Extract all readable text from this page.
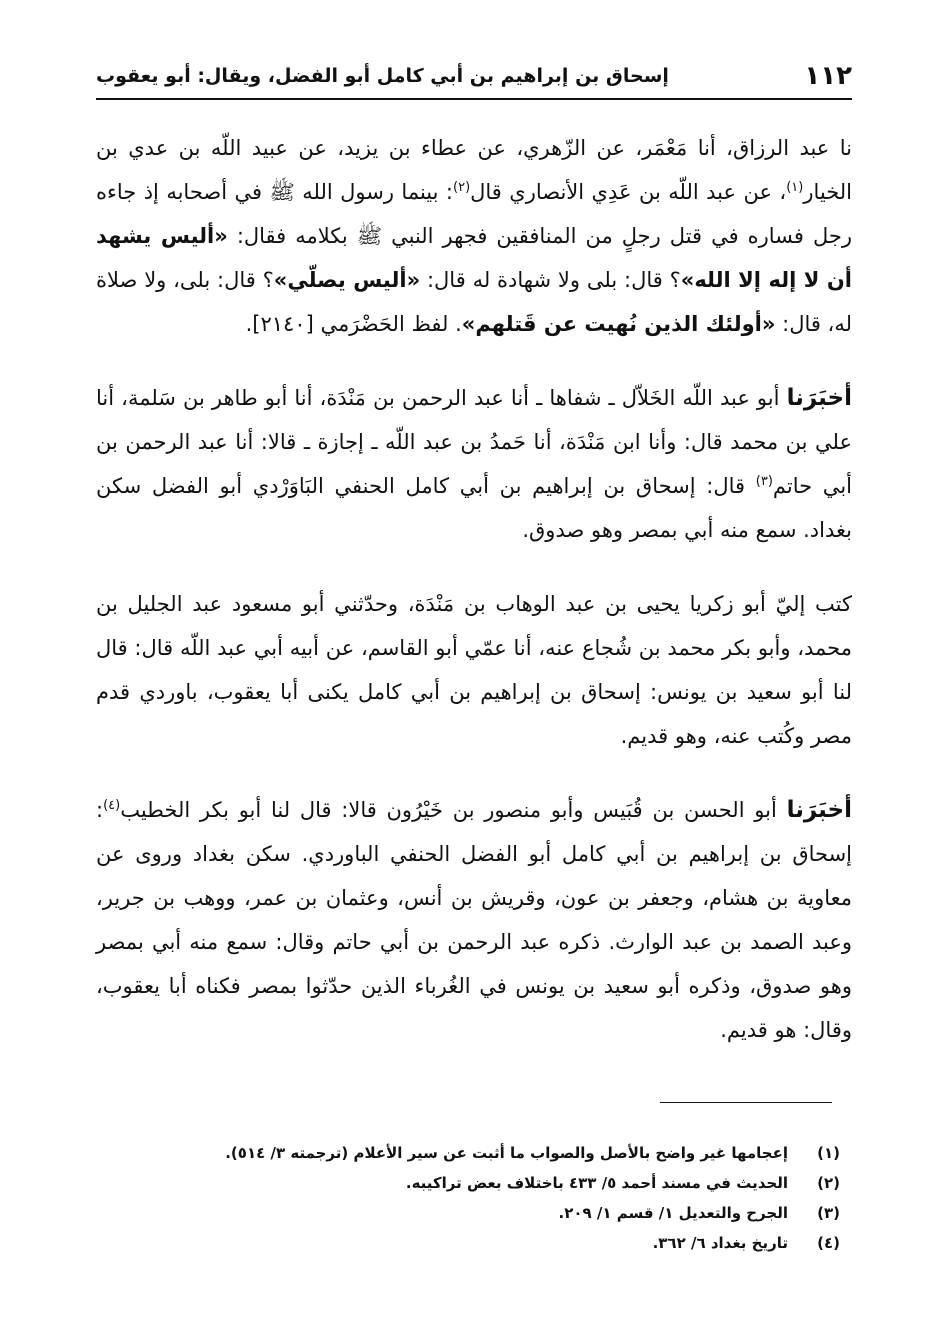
١١٢
إسحاق بن إبراهيم بن أبي كامل أبو الفضل، ويقال: أبو يعقوب
نا عبد الرزاق، أنا مَعْمَر، عن الزّهري، عن عطاء بن يزيد، عن عبيد اللّه بن عدي بن الخيار$^{(١)}$، عن عبد اللّه بن عَدِي الأنصاري قال$^{(٢)}$: بينما رسول الله ﷺ في أصحابه إذ جاءه رجل فساره في قتل رجلٍ من المنافقين فجهر النبي ﷺ بكلامه فقال: «أليس يشهد أن لا إله إلا الله»؟ قال: بلى ولا شهادة له قال: «أليس يصلّي»؟ قال: بلى، ولا صلاة له، قال: «أولئك الذين نُهيت عن قَتلهم». لفظ الحَضْرَمي [٢١٤٠].
أخبَرَنا أبو عبد اللّه الخَلاّل ـ شفاها ـ أنا عبد الرحمن بن مَنْدَة، أنا أبو طاهر بن سَلمة، أنا علي بن محمد قال: وأنا ابن مَنْدَة، أنا حَمدُ بن عبد اللّه ـ إجازة ـ قالا: أنا عبد الرحمن بن أبي حاتم$^{(٣)}$ قال: إسحاق بن إبراهيم بن أبي كامل الحنفي البَاوَرْدي أبو الفضل سكن بغداد. سمع منه أبي بمصر وهو صدوق.
كتب إليّ أبو زكريا يحيى بن عبد الوهاب بن مَنْدَة، وحدّثني أبو مسعود عبد الجليل بن محمد، وأبو بكر محمد بن شُجاع عنه، أنا عمّي أبو القاسم، عن أبيه أبي عبد اللّه قال: قال لنا أبو سعيد بن يونس: إسحاق بن إبراهيم بن أبي كامل يكنى أبا يعقوب، باوردي قدم مصر وكُتب عنه، وهو قديم.
أخبَرَنا أبو الحسن بن قُبَيس وأبو منصور بن خَيْرُون قالا: قال لنا أبو بكر الخطيب$^{(٤)}$: إسحاق بن إبراهيم بن أبي كامل أبو الفضل الحنفي الباوردي. سكن بغداد وروى عن معاوية بن هشام، وجعفر بن عون، وقريش بن أنس، وعثمان بن عمر، ووهب بن جرير، وعبد الصمد بن عبد الوارث. ذكره عبد الرحمن بن أبي حاتم وقال: سمع منه أبي بمصر وهو صدوق، وذكره أبو سعيد بن يونس في الغُرباء الذين حدّثوا بمصر فكناه أبا يعقوب، وقال: هو قديم.
(١)
إعجامها غير واضح بالأصل والصواب ما أثبت عن سير الأعلام (ترجمته ٣/ ٥١٤).
(٢)
الحديث في مسند أحمد ٥/ ٤٣٣ باختلاف بعض تراكيبه.
(٣)
الجرح والتعديل ١/ قسم ١/ ٢٠٩.
(٤)
تاريخ بغداد ٦/ ٣٦٢.
